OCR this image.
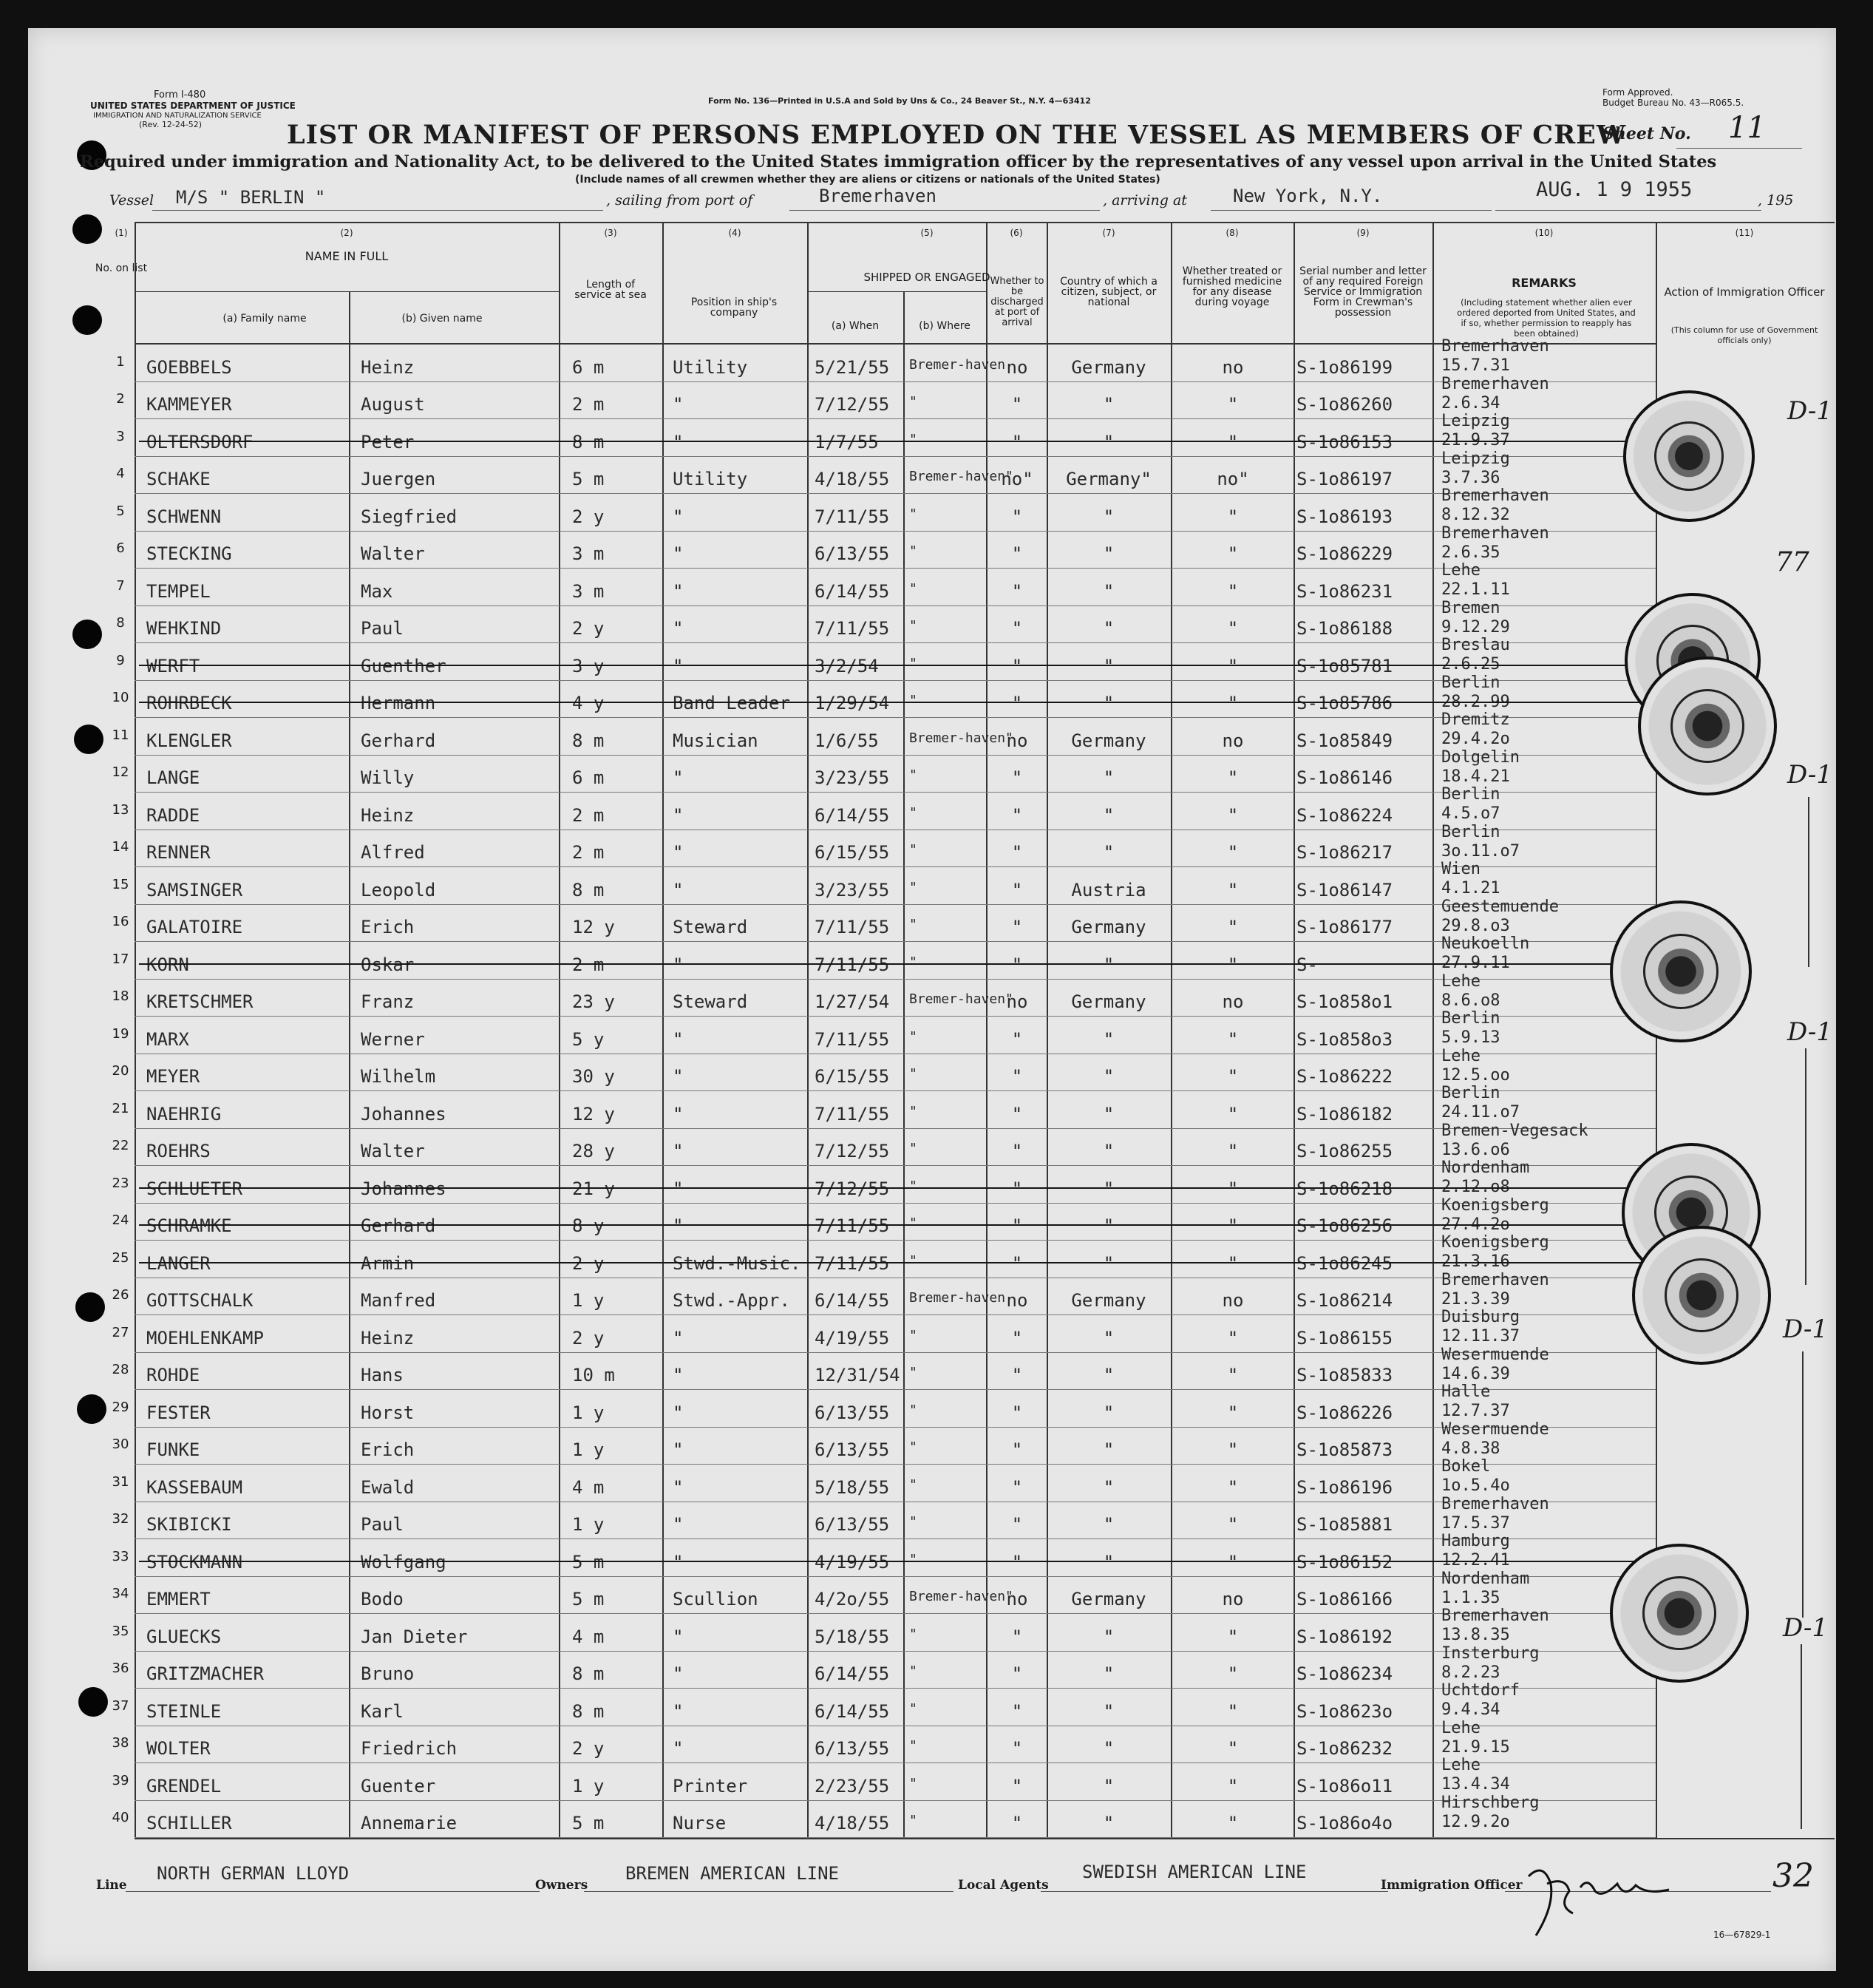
Form I-480
UNITED STATES DEPARTMENT OF JUSTICE
IMMIGRATION AND NATURALIZATION SERVICE
(Rev. 12-24-52)
Form No. 136—Printed in U.S.A and Sold by Uns & Co., 24 Beaver St., N.Y. 4—63412
Form Approved.
Budget Bureau No. 43—R065.5.
LIST OR MANIFEST OF PERSONS EMPLOYED ON THE VESSEL AS MEMBERS OF CREW
Sheet No. 11
Required under immigration and Nationality Act, to be delivered to the United States immigration officer by the representatives of any vessel upon arrival in the United States
(Include names of all crewmen whether they are aliens or citizens or nationals of the United States)
Vessel M/S " BERLIN "	, sailing from port of	Bremerhaven	, arriving at	New York, N.Y.	AUG. 1 9 1955	, 195
(1)
No. on list
(2)
NAME IN FULL
(a) Family name	(b) Given name
(3)
Length of service at sea
(4)
Position in ship's company
(5)
SHIPPED OR ENGAGED
(a) When	(b) Where
(6)
Whether to be discharged at port of arrival
(7)
Country of which a citizen, subject, or national
(8)
Whether treated or furnished medicine for any disease during voyage
(9)
Serial number and letter of any required Foreign Service or Immigration Form in Crewman's possession
(10)
REMARKS
(Including statement whether alien ever ordered deported from United States, and if so, whether permission to reapply has been obtained)
(11)
Action of Immigration Officer
(This column for use of Government officials only)
1	GOEBBELS	Heinz	6 m	Utility	5/21/55	Bremer-haven no	Germany	no	S-1o86199
Bremerhaven
15.7.31
2	KAMMEYER	August	2 m	"	7/12/55	"	"	"	"	S-1o86260
Bremerhaven
2.6.34
3	OLTERSDORF	Peter	8 m	"	1/7/55	"	"	"	"	S-1o86153
Leipzig
21.9.37
4	SCHAKE	Juergen	5 m	Utility	4/18/55	Bremer-haven"
no"	Germany"	no"	S-1o86197
Leipzig
3.7.36
5	SCHWENN	Siegfried	2 y	"	7/11/55	"	"	"	"	S-1o86193
Bremerhaven
8.12.32
6	STECKING	Walter	3 m	"	6/13/55	"	"	"	"	S-1o86229
Bremerhaven
2.6.35
7	TEMPEL	Max	3 m	"	6/14/55	"	"	"	"	S-1o86231
Lehe
22.1.11
8	WEHKIND	Paul	2 y	"	7/11/55	"	"	"	"	S-1o86188
Bremen
9.12.29
9	WERFT	Guenther	3 y	"	3/2/54	"	"	"	"	S-1o85781
Breslau
2.6.25
10 ROHRBECK	Hermann	4 y	Band Leader	1/29/54	"	"	"	"	S-1o85786
Berlin
28.2.99
11 KLENGLER	Gerhard	8 m	Musician	1/6/55	Bremer-haven"
no	Germany	no	S-1o85849
Dremitz
29.4.2o
12 LANGE	Willy	6 m	"	3/23/55	"	"	"	"	S-1o86146
Dolgelin
18.4.21
13 RADDE	Heinz	2 m	"	6/14/55	"	"	"	"	S-1o86224
Berlin
4.5.o7
14 RENNER	Alfred	2 m	"	6/15/55	"	"	"	"	S-1o86217
Berlin
3o.11.o7
15 SAMSINGER	Leopold	8 m	"	3/23/55	"	"	Austria	"	S-1o86147
Wien
4.1.21
16 GALATOIRE	Erich	12 y	Steward	7/11/55	"	"	Germany	"	S-1o86177
Geestemuende
29.8.o3
17 KORN	Oskar	2 m	"	7/11/55	"	"	"	"	S-
Neukoelln
27.9.11
18 KRETSCHMER	Franz	23 y	Steward	1/27/54	Bremer-haven"
no	Germany	no	S-1o858o1
Lehe
8.6.o8
19 MARX	Werner	5 y	"	7/11/55	"	"	"	"	S-1o858o3
Berlin
5.9.13
20 MEYER	Wilhelm	30 y	"	6/15/55	"	"	"	"	S-1o86222
Lehe
12.5.oo
21 NAEHRIG	Johannes	12 y	"	7/11/55	"	"	"	"	S-1o86182
Berlin
24.11.o7
22 ROEHRS	Walter	28 y	"	7/12/55	"	"	"	"	S-1o86255
Bremen-Vegesack
13.6.o6
23 SCHLUETER	Johannes	21 y	"	7/12/55	"	"	"	"	S-1o86218
Nordenham
2.12.o8
24 SCHRAMKE	Gerhard	8 y	"	7/11/55	"	"	"	"	S-1o86256
Koenigsberg
27.4.2o
25 LANGER	Armin	2 y	Stwd.-Music. 7/11/55	"	"	"	"	S-1o86245
Koenigsberg
21.3.16
26 GOTTSCHALK	Manfred	1 y	Stwd.-Appr.	6/14/55	Bremer-haven no	Germany	no	S-1o86214
Bremerhaven
21.3.39
27 MOEHLENKAMP	Heinz	2 y	"	4/19/55	"	"	"	"	S-1o86155
Duisburg
12.11.37
28 ROHDE	Hans	10 m	"	12/31/54 "	"	"	"	S-1o85833
Wesermuende
14.6.39
29 FESTER	Horst	1 y	"	6/13/55	"	"	"	"	S-1o86226
Halle
12.7.37
30 FUNKE	Erich	1 y	"	6/13/55	"	"	"	"	S-1o85873
Wesermuende
4.8.38
31 KASSEBAUM	Ewald	4 m	"	5/18/55	"	"	"	"	S-1o86196
Bokel
1o.5.4o
32 SKIBICKI	Paul	1 y	"	6/13/55	"	"	"	"	S-1o85881
Bremerhaven
17.5.37
33 STOCKMANN	Wolfgang	5 m	"	4/19/55	"	"	"	"	S-1o86152
Hamburg
12.2.41
34 EMMERT	Bodo	5 m	Scullion	4/2o/55	Bremer-haven"
no	Germany	no	S-1o86166
Nordenham
1.1.35
35 GLUECKS	Jan Dieter	4 m	"	5/18/55	"	"	"	"	S-1o86192
Bremerhaven
13.8.35
36 GRITZMACHER	Bruno	8 m	"	6/14/55	"	"	"	"	S-1o86234
Insterburg
8.2.23
37 STEINLE	Karl	8 m	"	6/14/55	"	"	"	"	S-1o8623o
Uchtdorf
9.4.34
38 WOLTER	Friedrich	2 y	"	6/13/55	"	"	"	"	S-1o86232
Lehe
21.9.15
39 GRENDEL	Guenter	1 y	Printer	2/23/55	"	"	"	"	S-1o86o11
Lehe
13.4.34
40 SCHILLER	Annemarie	5 m	Nurse	4/18/55	"	"	"	"	S-1o86o4o
Hirschberg
12.9.2o
D-1
77
D-1
D-1
D-1
D-1
Line
NORTH GERMAN LLOYD
Owners
BREMEN AMERICAN LINE
Local Agents
SWEDISH AMERICAN LINE
Immigration Officer	32
16—67829-1
